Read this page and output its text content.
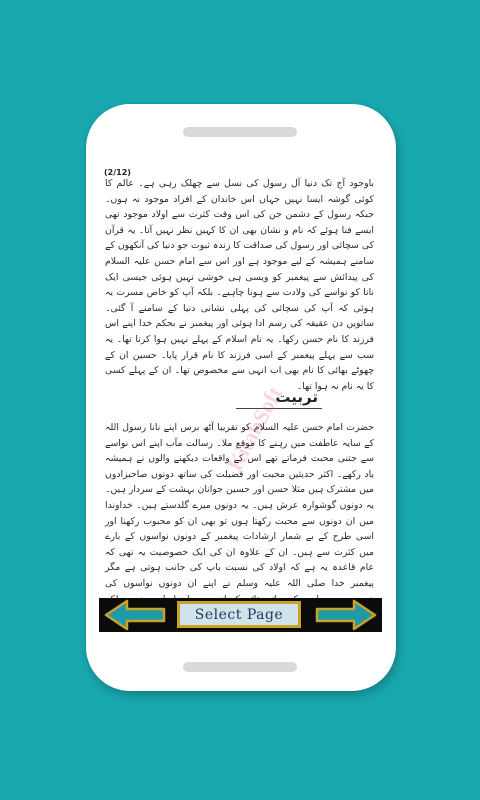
(2/12)
باوجود آج تک دنیا آل رسول کی نسل سے چھلک رہی ہے۔ عالم کا کوئی گوشہ ایسا نہیں جہاں اس خاندان کے افراد موجود نہ ہوں۔ جبکہ رسول کے دشمن جن کی اس وقت کثرت سے اولاد موجود تھی ایسے فنا ہوئے کہ نام و نشان بھی ان کا کہیں نظر نہیں آتا۔ یہ قرآن کی سچائی اور رسول کی صداقت کا زندہ ثبوت جو دنیا کی آنکھوں کے سامنے ہمیشہ کے لیے موجود ہے اور اس سے امام حسن علیہ السلام کی پیدائش سے پیغمبر کو ویسی ہی خوشی نہیں ہوئی جیسی ایک نانا کو نواسے کی ولادت سے ہونا چاہیے۔ بلکہ آپ کو خاص مسرت یہ ہوئی کہ آپ کی سچائی کی پہلی نشانی دنیا کے سامنے آ گئی۔ ساتویں دن عقیقہ کی رسم ادا ہوئی اور پیغمبر نے بحکم خدا اپنے اس فرزند کا نام حسن رکھا۔ یہ نام اسلام کے پہلے نہیں ہوا کرتا تھا۔ یہ سب سے پہلے پیغمبر کے اسی فرزند کا نام قرار پایا۔ حسین ان کے چھوٹے بھائی کا نام بھی اب انہی سے مخصوص تھا۔ ان کے پہلے کسی کا یہ نام نہ ہوا تھا۔
تربیت
KitabSoft	حضرت امام حسن علیہ السلام کو تقریبا آٹھ برس اپنے نانا رسول اللہ کے سایہ عاطفت میں رہنے کا موقع ملا۔ رسالت مآب اپنے اس نواسے سے جتنی محبت فرماتے تھے اس کے واقعات دیکھنے والوں نے ہمیشہ یاد رکھے۔ اکثر حدیثیں محبت اور فضیلت کی ساتھ دونوں صاحبزادوں میں مشترک ہیں مثلا حسن اور حسین جوانان بہشت کے سردار ہیں۔ یہ دونوں گوشوارہ عرش ہیں۔ یہ دونوں میرے گلدستے ہیں۔ خداوندا میں ان دونوں سے محبت رکھتا ہوں تو بھی ان کو محبوب رکھنا اور اسی طرح کے بے شمار ارشادات پیغمبر کے دونوں نواسوں کے بارے میں کثرت سے ہیں۔ ان کے علاوہ ان کی ایک خصوصیت یہ تھی کہ عام قاعدہ یہ ہے کہ اولاد کی نسبت باپ کی جانب ہوتی ہے مگر پیغمبر خدا صلی اللہ علیہ وسلم نے اپنے ان دونوں نواسوں کی
Select Page
